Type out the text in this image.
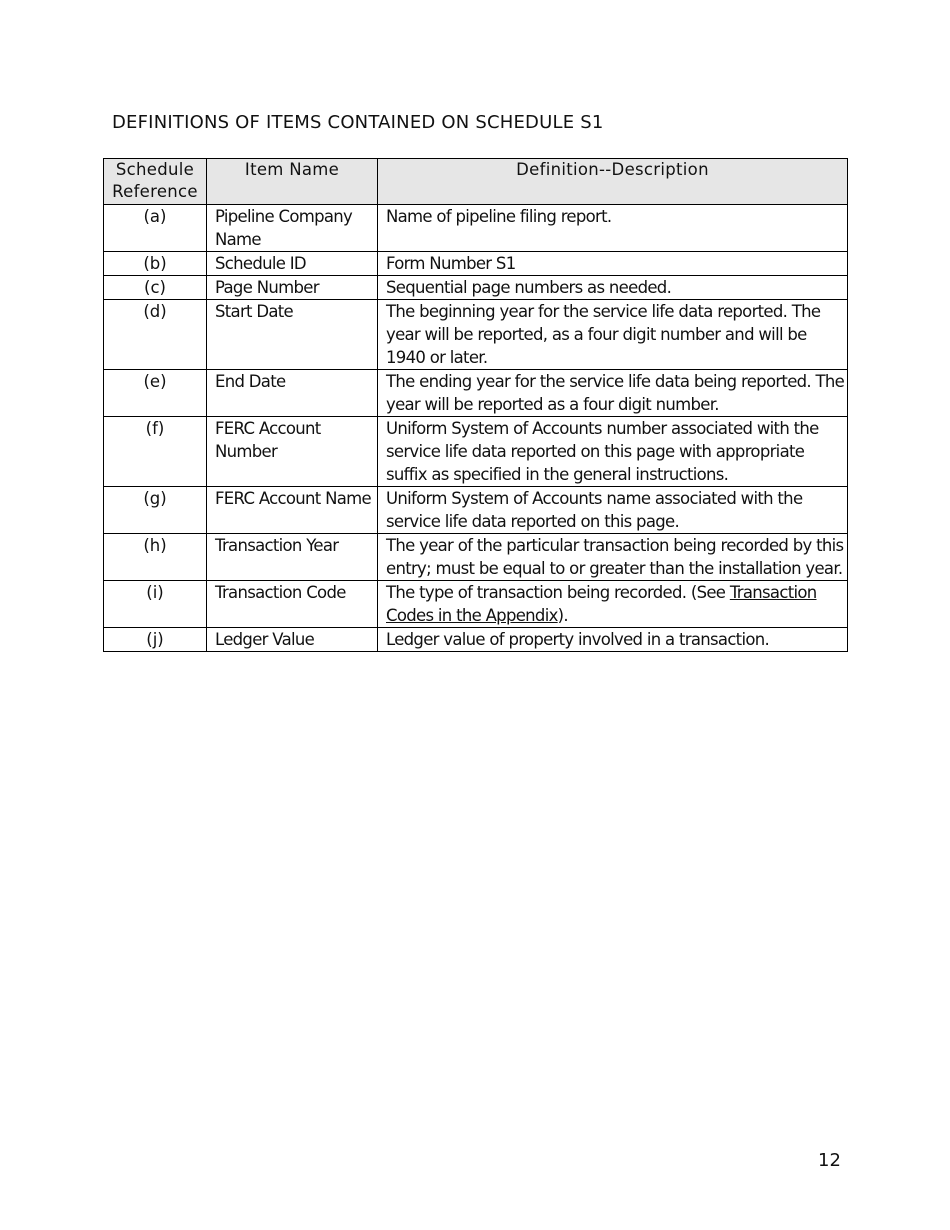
DEFINITIONS OF ITEMS CONTAINED ON SCHEDULE S1
Schedule
Reference	Item Name	Definition--Description
(a)	Pipeline Company Name	Name of pipeline filing report.
(b)	Schedule ID	Form Number S1
(c)	Page Number	Sequential page numbers as needed.
(d)	Start Date	The beginning year for the service life data reported. The year will be reported, as a four digit number and will be 1940 or later.
(e)	End Date	The ending year for the service life data being reported. The year will be reported as a four digit number.
(f)	FERC Account Number	Uniform System of Accounts number associated with the service life data reported on this page with appropriate suffix as specified in the general instructions.
(g)	FERC Account Name	Uniform System of Accounts name associated with the service life data reported on this page.
(h)	Transaction Year	The year of the particular transaction being recorded by this entry; must be equal to or greater than the installation year.
(i)	Transaction Code	The type of transaction being recorded. (See Transaction Codes in the Appendix).
(j)	Ledger Value	Ledger value of property involved in a transaction.
12
